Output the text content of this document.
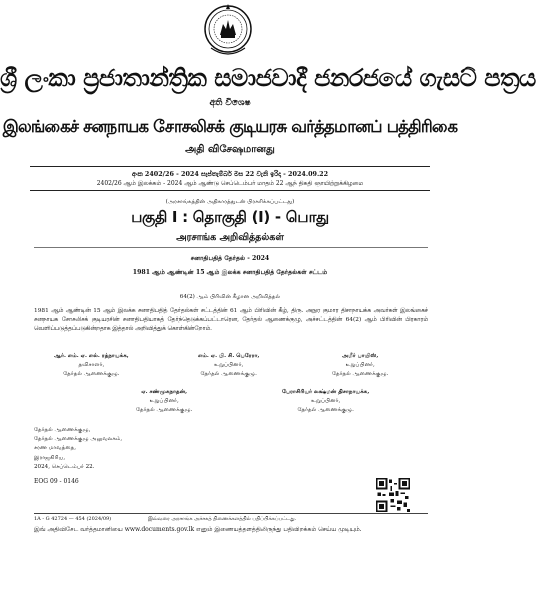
ශ්‍රී ලංකා ප්‍රජාතාන්ත්‍රික සමාජවාදී ජනරජයේ ගැසට් පත්‍රය
අති විශෙෂ
இலங்கைச் சனநாயக சோசலிசக் குடியரசு வர்த்தமானப் பத்திரிகை
அதி விசேஷமானது
අංක 2402/26 - 2024 සැප්තැම්බර් මස 22 වැනි ඉරිදා - 2024.09.22
2402/26 ஆம் இலக்கம் - 2024 ஆம் ஆண்டு செப்டெம்பர் மாதம் 22 ஆந் திகதி ஞாயிற்றுக்கிழமை
(அரசாங்கத்தின் அதிகாரத்துடன் பிரசுரிக்கப்பட்டது)
பகுதி I : தொகுதி (I) - பொது
அரசாங்க அறிவித்தல்கள்
சனாதிபதித் தேர்தல் - 2024
1981 ஆம் ஆண்டின் 15 ஆம் இலக்க சனாதிபதித் தேர்தல்கள் சட்டம்
64(2) ஆம் பிரிவின் கீழான அறிவித்தல்
1981 ஆம் ஆண்டின் 15 ஆம் இலக்க சனாதிபதித் தேர்தல்கள் சட்டத்தின் 61 ஆம் பிரிவின் கீழ், திரு. அநுர குமார திசாநாயக்க அவர்கள் இலங்கைச் சனநாயக சோசலிசக் குடியரசின் சனாதிபதியாகத் தேர்ந்தெடுக்கப்பட்டாரென, தேர்தல் ஆணைக்குழு, அச்சட்டத்தின் 64(2) ஆம் பிரிவின் பிரகாரம் வெளிப்படுத்தப்படுகின்றதாக இத்தால் அறிவித்துக் கொள்கின்றோம்.
ஆர். எம். ஏ. எல். ரத்நாயக்க,
தவிசாளர்,
தேர்தல் ஆணைக்குழு.
எம். ஏ. பி. சி. பெரேரா,
உறுப்பினர்,
தேர்தல் ஆணைக்குழு.
அமீர் பாயிஸ்,
உறுப்பினர்,
தேர்தல் ஆணைக்குழு.
ஏ. சண்முகநாதன்,
உறுப்பினர்,
தேர்தல் ஆணைக்குழு.
பேராசிரியர் லக்ஷ்மன் திசாநாயக்க,
உறுப்பினர்,
தேர்தல் ஆணைக்குழு.
தேர்தல் ஆணைக்குழு,
தேர்தல் ஆணைக்குழு அலுவலகம்,
சரண மாவத்தை,
இராஜகிரிய,
2024, செப்டெம்பர் 22.
EOG 09 - 0146
1A - G 42724 — 454 (2024/09)	இவ்வரை அரசாங்க அச்சகத் திணைக்களத்தில் பதிப்பிக்கப்பட்டது.
இவ் அதிவிசேட வர்த்தமானியை www.documents.gov.lk எனும் இணையத்தளத்திலிருந்து பதிவிறக்கம் செய்ய முடியும்.
